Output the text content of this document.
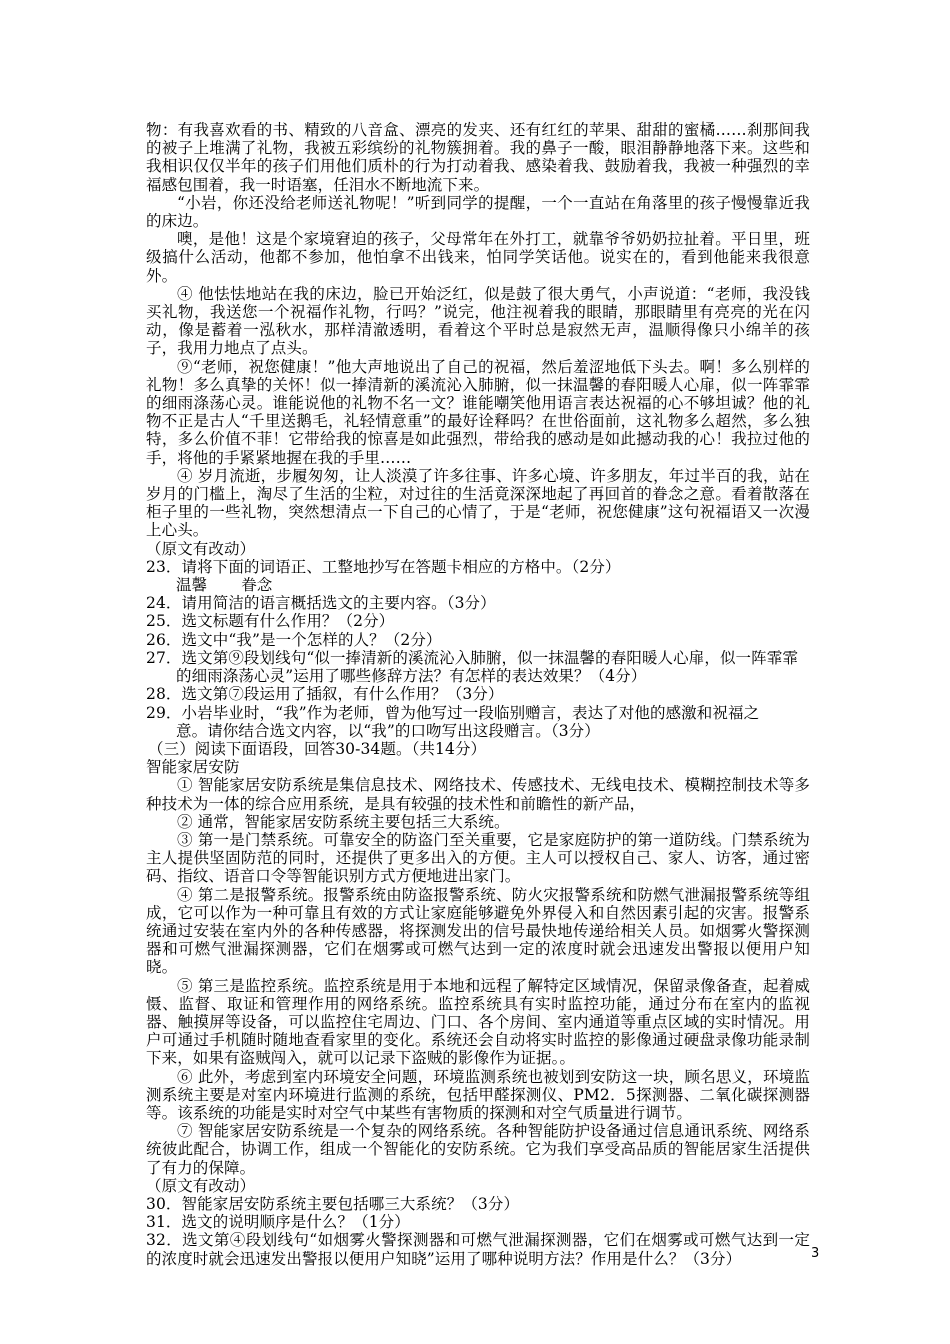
物：有我喜欢看的书、精致的八音盒、漂亮的发夹、还有红红的苹果、甜甜的蜜橘……刹那间我的被子上堆满了礼物，我被五彩缤纷的礼物簇拥着。我的鼻子一酸，眼泪静静地落下来。这些和我相识仅仅半年的孩子们用他们质朴的行为打动着我、感染着我、鼓励着我，我被一种强烈的幸福感包围着，我一时语塞，任泪水不断地流下来。

“小岩，你还没给老师送礼物呢！”听到同学的提醒，一个一直站在角落里的孩子慢慢靠近我的床边。

噢，是他！这是个家境窘迫的孩子，父母常年在外打工，就靠爷爷奶奶拉扯着。平日里，班级搞什么活动，他都不参加，他怕拿不出钱来，怕同学笑话他。说实在的，看到他能来我很意外。

④ 他怯怯地站在我的床边，脸已开始泛红，似是鼓了很大勇气，小声说道：“老师，我没钱买礼物，我送您一个祝福作礼物，行吗？”说完，他注视着我的眼睛，那眼睛里有亮亮的光在闪动，像是蓄着一泓秋水，那样清澈透明，看着这个平时总是寂然无声，温顺得像只小绵羊的孩子，我用力地点了点头。

⑨“老师，祝您健康！”他大声地说出了自己的祝福，然后羞涩地低下头去。啊！多么别样的礼物！多么真挚的关怀！似一捧清新的溪流沁入肺腑，似一抹温馨的春阳暖人心扉，似一阵霏霏的细雨涤荡心灵。谁能说他的礼物不名一文？谁能嘲笑他用语言表达祝福的心不够坦诚？他的礼物不正是古人“千里送鹅毛，礼轻情意重”的最好诠释吗？在世俗面前，这礼物多么超然，多么独特，多么价值不菲！它带给我的惊喜是如此强烈，带给我的感动是如此撼动我的心！我拉过他的手，将他的手紧紧地握在我的手里……

④ 岁月流逝，步履匆匆，让人淡漠了许多往事、许多心境、许多朋友，年过半百的我，站在岁月的门槛上，淘尽了生活的尘粒，对过往的生活竟深深地起了再回首的眷念之意。看着散落在柜子里的一些礼物，突然想清点一下自己的心情了，于是“老师，祝您健康”这句祝福语又一次漫上心头。

（原文有改动）

23．请将下面的词语正、工整地抄写在答题卡相应的方格中。（2分）

温馨 眷念

24．请用简洁的语言概括选文的主要内容。（3分）

25．选文标题有什么作用？（2分）

26．选文中“我”是一个怎样的人？（2分）

27．选文第⑨段划线句“似一捧清新的溪流沁入肺腑，似一抹温馨的春阳暖人心扉，似一阵霏霏的细雨涤荡心灵”运用了哪些修辞方法？有怎样的表达效果？（4分）

28．选文第⑦段运用了插叙，有什么作用？（3分）

29．小岩毕业时，“我”作为老师，曾为他写过一段临别赠言，表达了对他的感激和祝福之

意。请你结合选文内容，以“我”的口吻写出这段赠言。（3分）

（三）阅读下面语段，回答30-34题。（共14分）

智能家居安防

① 智能家居安防系统是集信息技术、网络技术、传感技术、无线电技术、模糊控制技术等多种技术为一体的综合应用系统，是具有较强的技术性和前瞻性的新产品，

② 通常，智能家居安防系统主要包括三大系统。

③ 第一是门禁系统。可靠安全的防盗门至关重要，它是家庭防护的第一道防线。门禁系统为主人提供坚固防范的同时，还提供了更多出入的方便。主人可以授权自己、家人、访客，通过密码、指纹、语音口令等智能识别方式方便地进出家门。

④ 第二是报警系统。报警系统由防盗报警系统、防火灾报警系统和防燃气泄漏报警系统等组成，它可以作为一种可靠且有效的方式让家庭能够避免外界侵入和自然因素引起的灾害。报警系统通过安装在室内外的各种传感器，将探测发出的信号最快地传递给相关人员。如烟雾火警探测器和可燃气泄漏探测器，它们在烟雾或可燃气达到一定的浓度时就会迅速发出警报以便用户知晓。

⑤ 第三是监控系统。监控系统是用于本地和远程了解特定区域情况，保留录像备查，起着威慑、监督、取证和管理作用的网络系统。监控系统具有实时监控功能，通过分布在室内的监视器、触摸屏等设备，可以监控住宅周边、门口、各个房间、室内通道等重点区域的实时情况。用户可通过手机随时随地查看家里的变化。系统还会自动将实时监控的影像通过硬盘录像功能录制下来，如果有盗贼闯入，就可以记录下盗贼的影像作为证据。。

⑥ 此外，考虑到室内环境安全问题，环境监测系统也被划到安防这一块，顾名思义，环境监测系统主要是对室内环境进行监测的系统，包括甲醛探测仪、PM2．5探测器、二氧化碳探测器等。该系统的功能是实时对空气中某些有害物质的探测和对空气质量进行调节。

⑦ 智能家居安防系统是一个复杂的网络系统。各种智能防护设备通过信息通讯系统、网络系统彼此配合，协调工作，组成一个智能化的安防系统。它为我们享受高品质的智能居家生活提供了有力的保障。

（原文有改动）

30．智能家居安防系统主要包括哪三大系统？（3分）

31．选文的说明顺序是什么？（1分）

32．选文第④段划线句“如烟雾火警探测器和可燃气泄漏探测器，它们在烟雾或可燃气达到一定的浓度时就会迅速发出警报以便用户知晓”运用了哪种说明方法？作用是什么？（3分）	3
